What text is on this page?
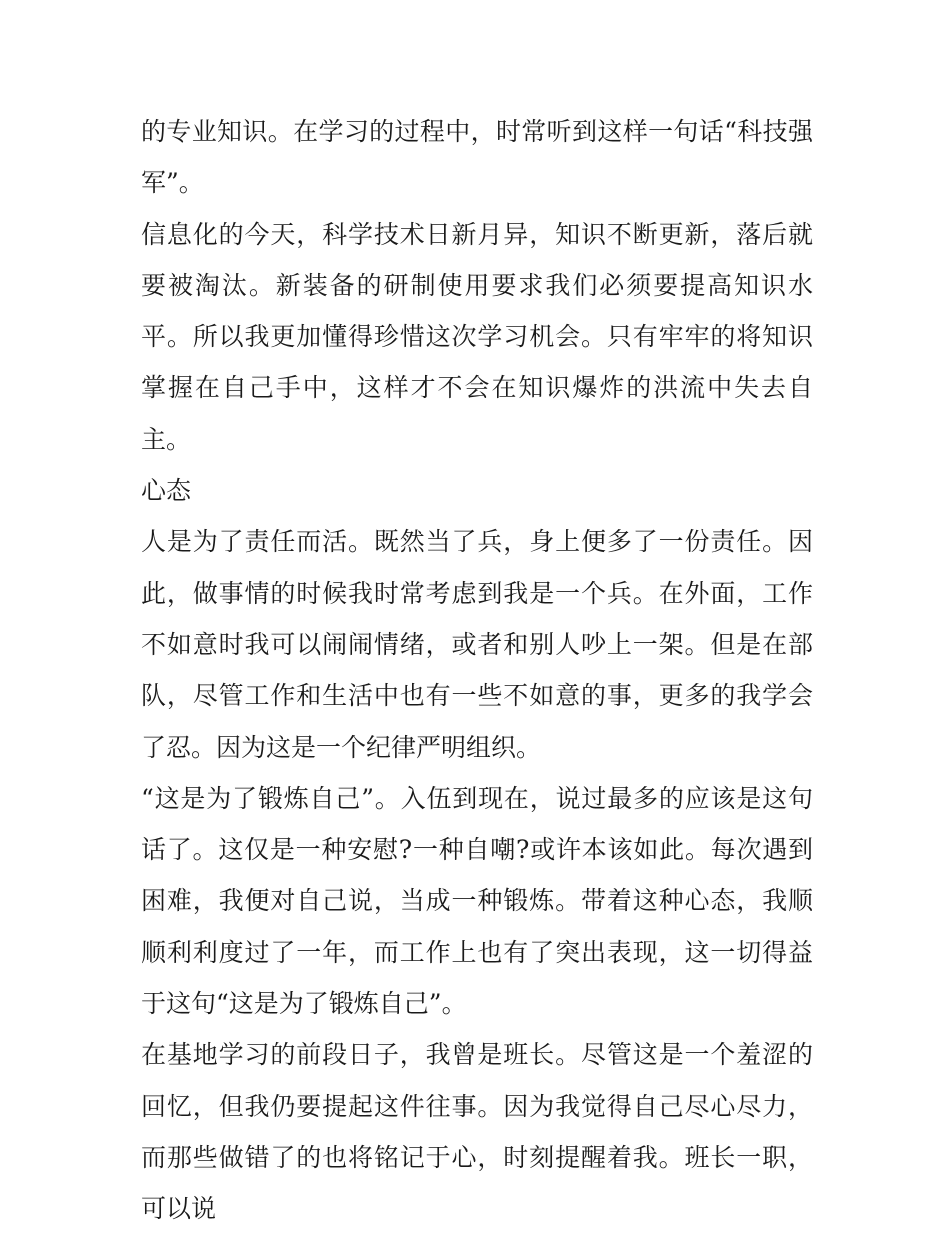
的专业知识。在学习的过程中，时常听到这样一句话“科技强军”。

信息化的今天，科学技术日新月异，知识不断更新，落后就要被淘汰。新装备的研制使用要求我们必须要提高知识水平。所以我更加懂得珍惜这次学习机会。只有牢牢的将知识掌握在自己手中，这样才不会在知识爆炸的洪流中失去自主。

心态

人是为了责任而活。既然当了兵，身上便多了一份责任。因此，做事情的时候我时常考虑到我是一个兵。在外面，工作不如意时我可以闹闹情绪，或者和别人吵上一架。但是在部队，尽管工作和生活中也有一些不如意的事，更多的我学会了忍。因为这是一个纪律严明组织。

“这是为了锻炼自己”。入伍到现在，说过最多的应该是这句话了。这仅是一种安慰?一种自嘲?或许本该如此。每次遇到困难，我便对自己说，当成一种锻炼。带着这种心态，我顺顺利利度过了一年，而工作上也有了突出表现，这一切得益于这句“这是为了锻炼自己”。

在基地学习的前段日子，我曾是班长。尽管这是一个羞涩的回忆，但我仍要提起这件往事。因为我觉得自己尽心尽力，而那些做错了的也将铭记于心，时刻提醒着我。班长一职，可以说
